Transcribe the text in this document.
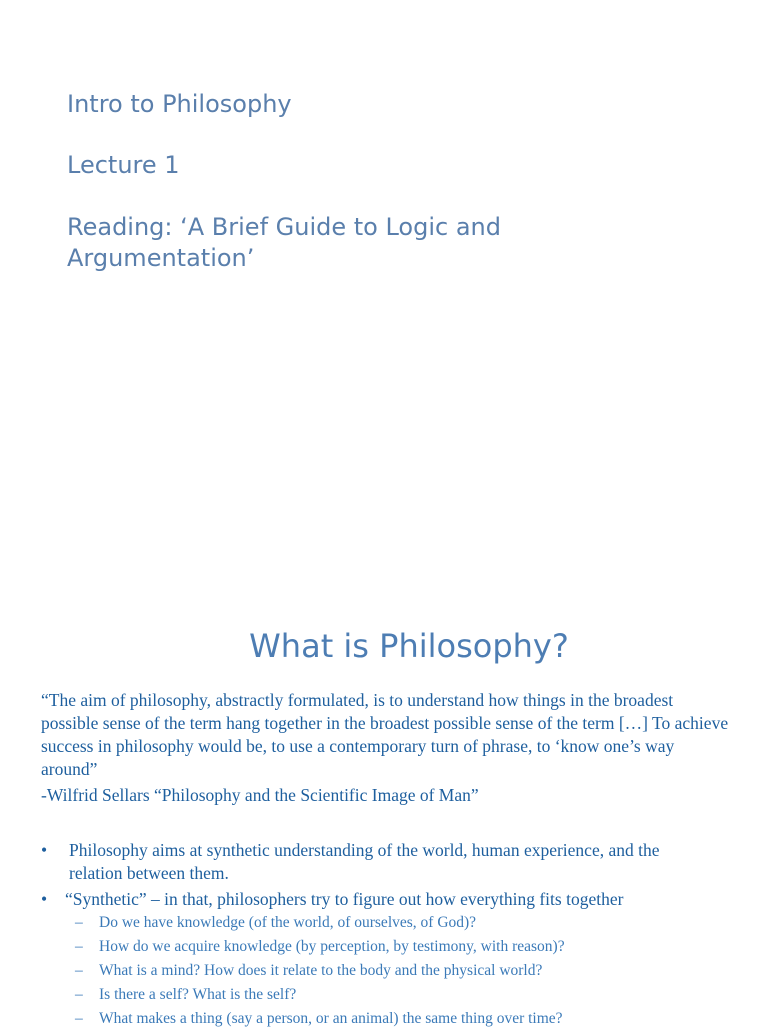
Intro to Philosophy
Lecture 1
Reading: ‘A Brief Guide to Logic and
Argumentation’
What is Philosophy?
“The aim of philosophy, abstractly formulated, is to understand how things in the broadest possible sense of the term hang together in the broadest possible sense of the term […] To achieve success in philosophy would be, to use a contemporary turn of phrase, to ‘know one’s way around”
-Wilfrid Sellars “Philosophy and the Scientific Image of Man”
• Philosophy aims at synthetic understanding of the world, human experience, and the relation between them.
• “Synthetic” – in that, philosophers try to figure out how everything fits together
– Do we have knowledge (of the world, of ourselves, of God)?
– How do we acquire knowledge (by perception, by testimony, with reason)?
– What is a mind? How does it relate to the body and the physical world?
– Is there a self? What is the self?
– What makes a thing (say a person, or an animal) the same thing over time?
